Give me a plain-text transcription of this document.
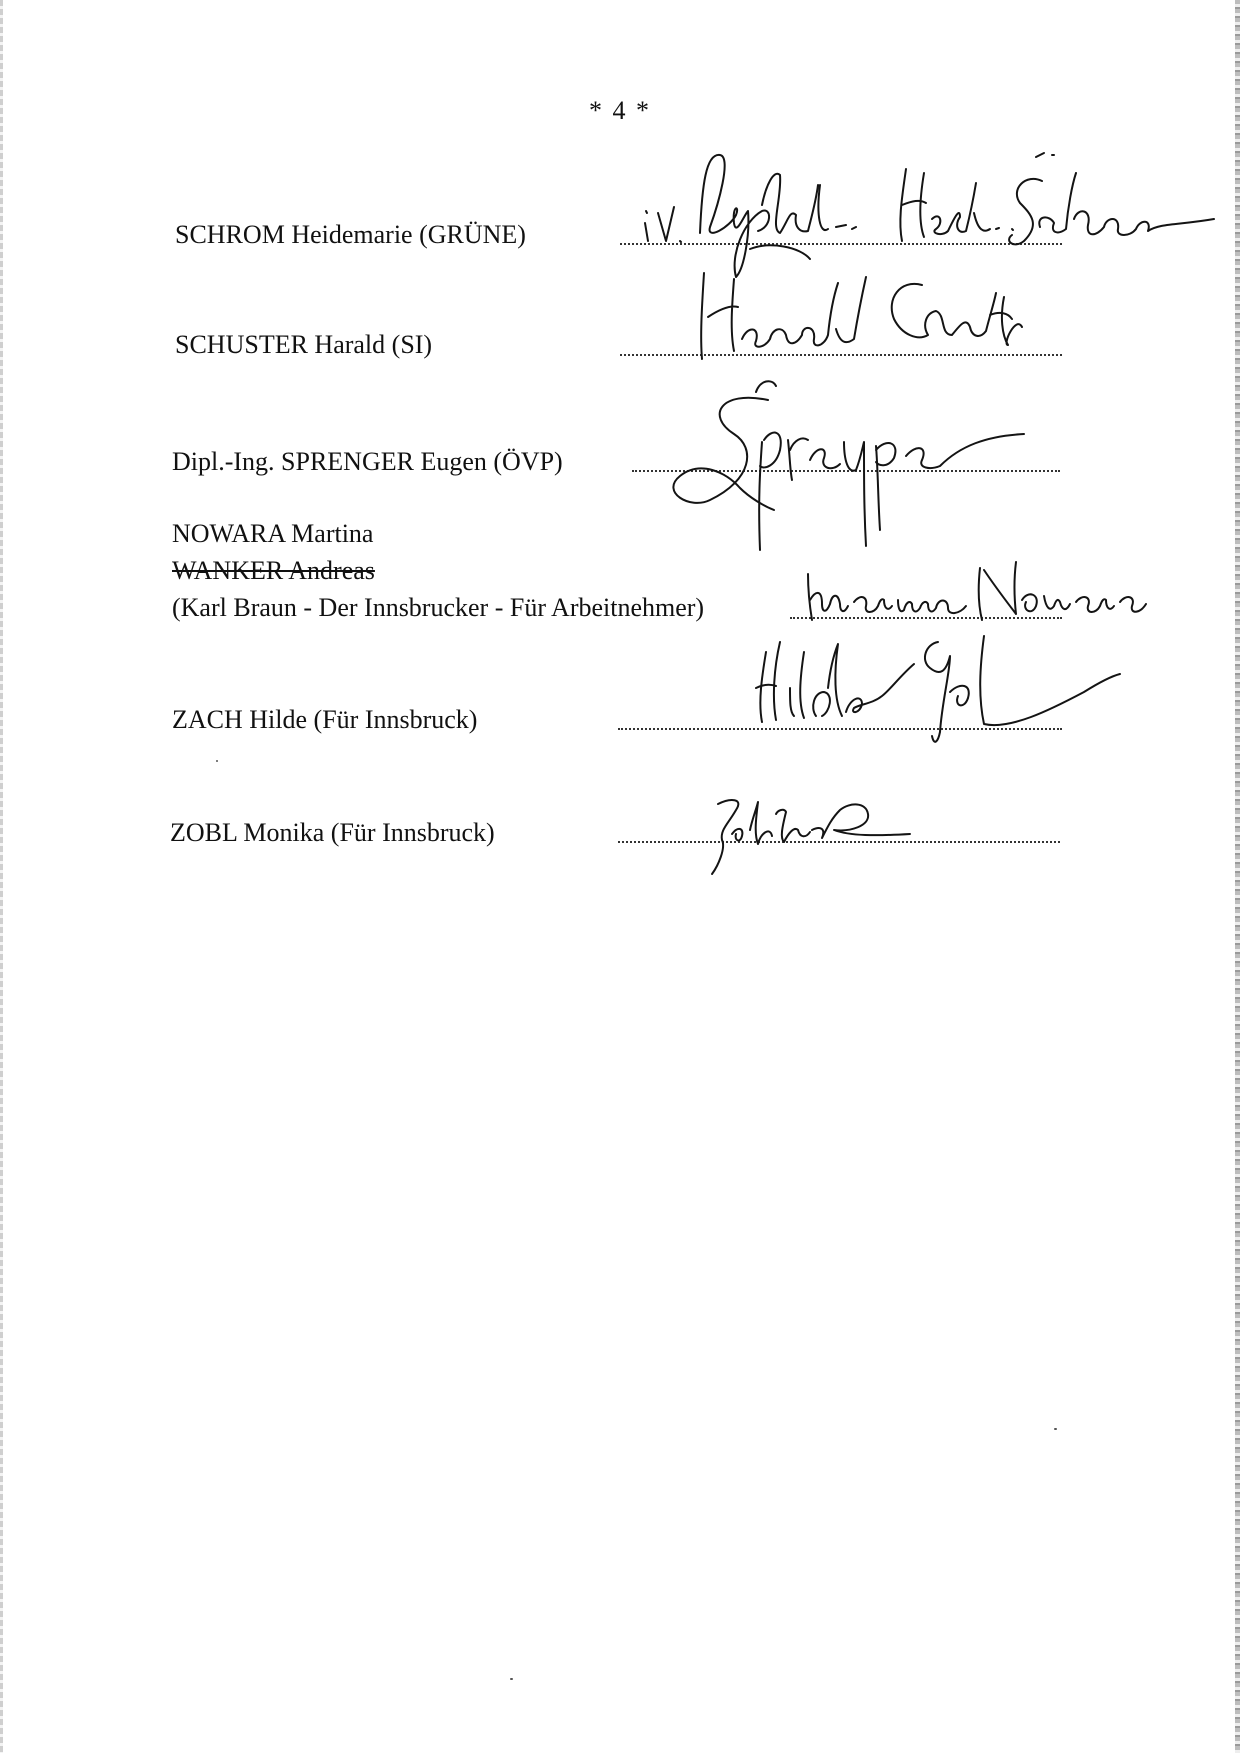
* 4 *
SCHROM Heidemarie (GRÜNE)
SCHUSTER Harald (SI)
Dipl.-Ing. SPRENGER Eugen (ÖVP)
NOWARA Martina
WANKER Andreas
(Karl Braun - Der Innsbrucker - Für Arbeitnehmer)
ZACH Hilde (Für Innsbruck)
ZOBL Monika (Für Innsbruck)
